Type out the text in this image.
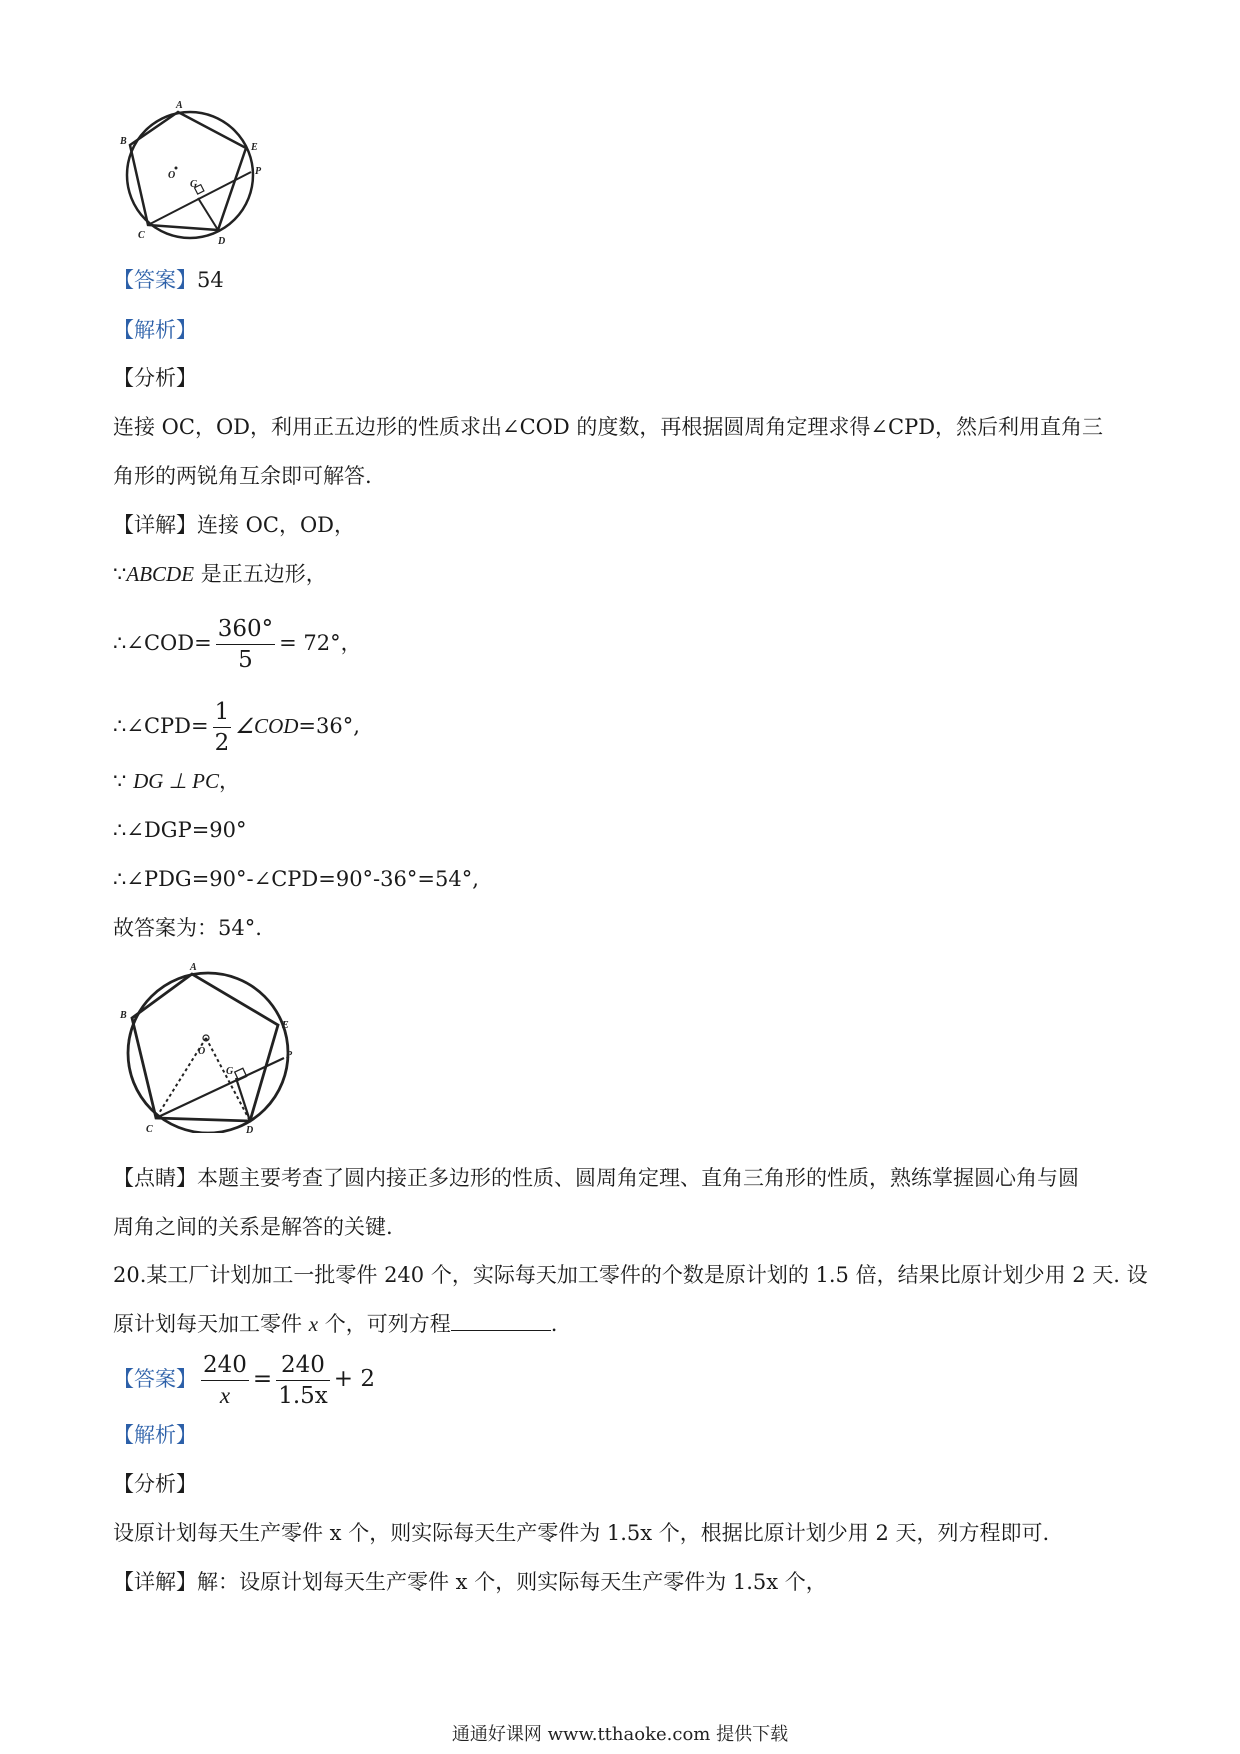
A
B
C
D
E
P
G
O
【答案】54
【解析】
【分析】
连接 OC，OD，利用正五边形的性质求出∠COD 的度数，再根据圆周角定理求得∠CPD，然后利用直角三
角形的两锐角互余即可解答.
【详解】连接 OC，OD，
∵ABCDE 是正五边形，
∴∠COD= $\frac{360^\circ}{5} = 72^\circ$，
∴∠CPD= $\frac{1}{2}$ ∠COD=36°,
∵ DG ⊥ PC，
∴∠DGP=90°
∴∠PDG=90°-∠CPD=90°-36°=54°,
故答案为：54°.
A
B
C	D
E
P
G
O
【点睛】本题主要考查了圆内接正多边形的性质、圆周角定理、直角三角形的性质，熟练掌握圆心角与圆
周角之间的关系是解答的关键.
20.某工厂计划加工一批零件 240 个，实际每天加工零件的个数是原计划的 1.5 倍，结果比原计划少用 2 天. 设
原计划每天加工零件 x 个，可列方程	.
【答案】 $\frac{240}{x} = \frac{240}{1.5x} + 2$
【解析】
【分析】
设原计划每天生产零件 x 个，则实际每天生产零件为 1.5x 个，根据比原计划少用 2 天，列方程即可.
【详解】解：设原计划每天生产零件 x 个，则实际每天生产零件为 1.5x 个，
通通好课网 www.tthaoke.com 提供下载
